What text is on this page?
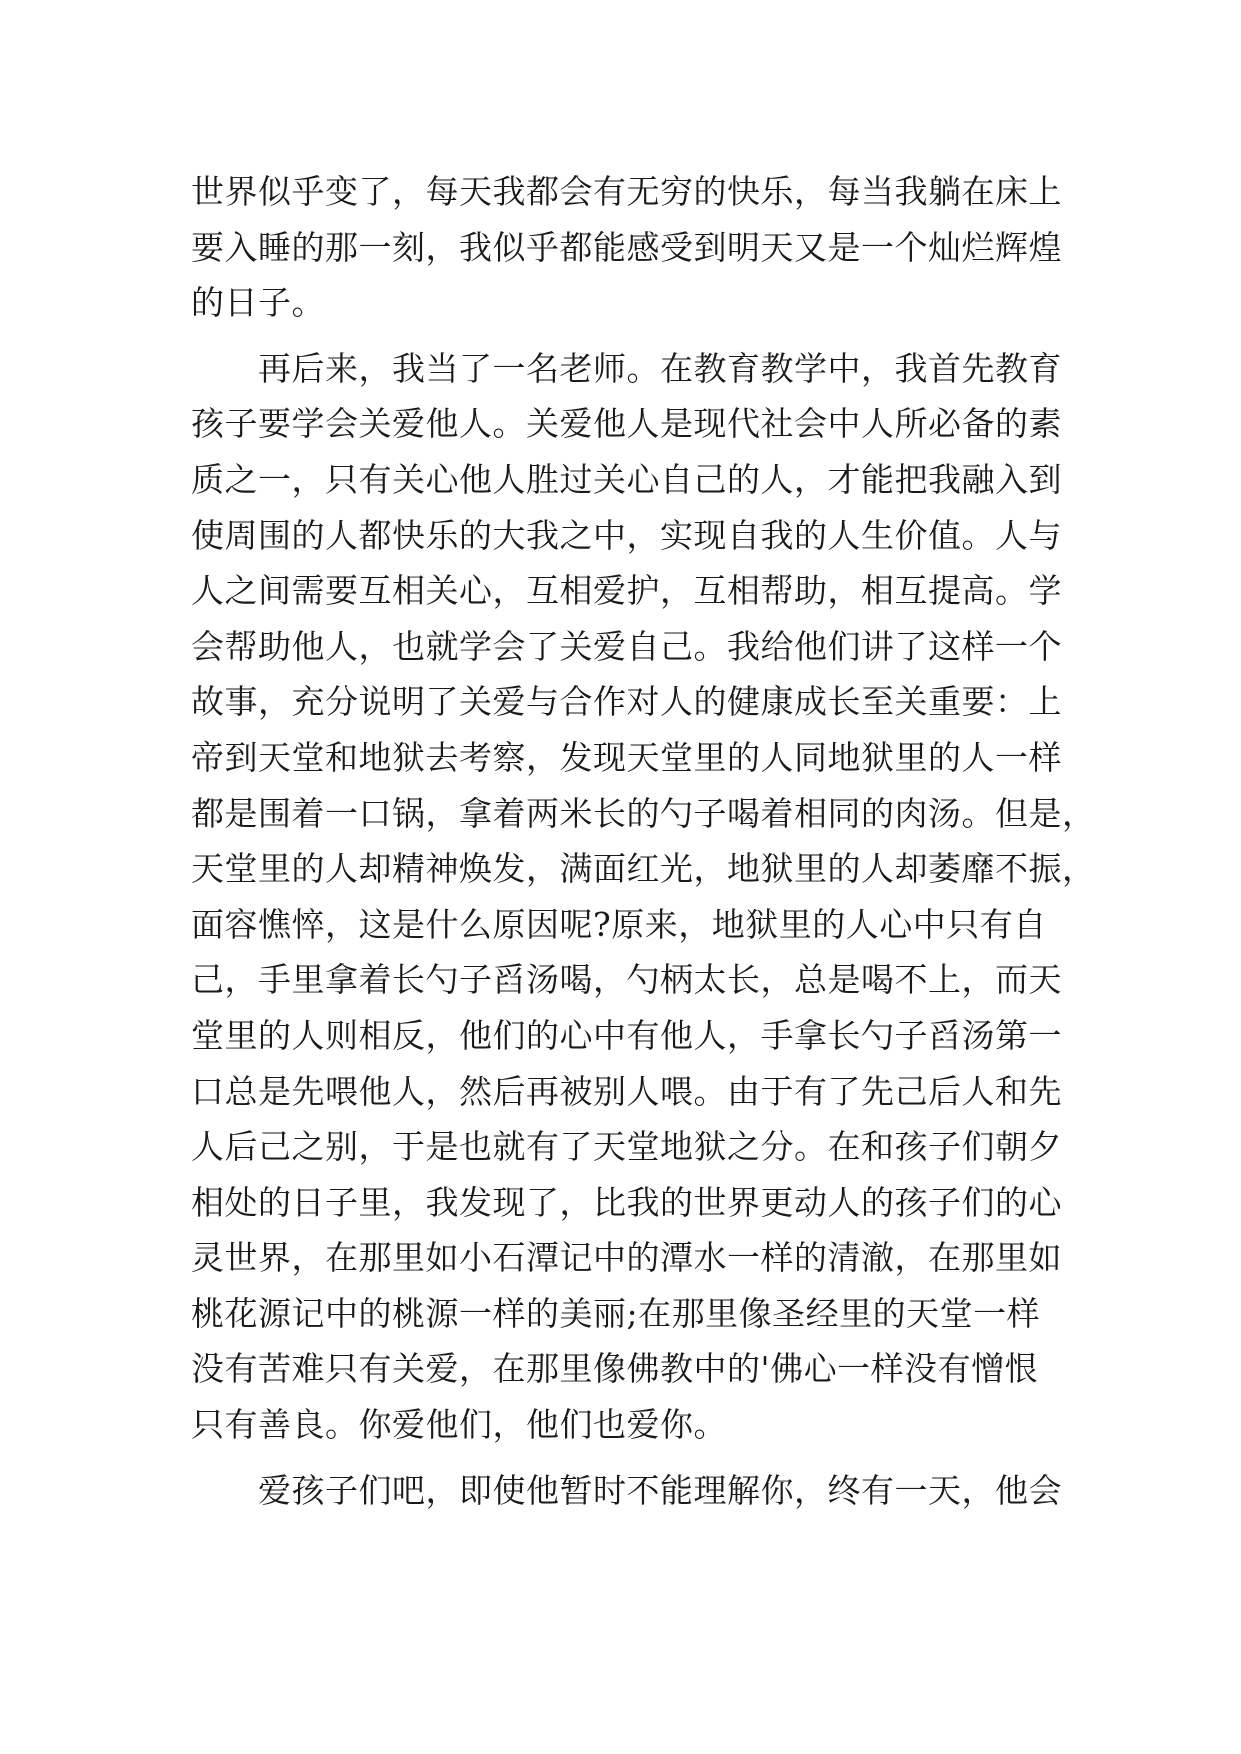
世界似乎变了，每天我都会有无穷的快乐，每当我躺在床上
要入睡的那一刻，我似乎都能感受到明天又是一个灿烂辉煌
的日子。
　　再后来，我当了一名老师。在教育教学中，我首先教育
孩子要学会关爱他人。关爱他人是现代社会中人所必备的素
质之一，只有关心他人胜过关心自己的人，才能把我融入到
使周围的人都快乐的大我之中，实现自我的人生价值。人与
人之间需要互相关心，互相爱护，互相帮助，相互提高。学
会帮助他人，也就学会了关爱自己。我给他们讲了这样一个
故事，充分说明了关爱与合作对人的健康成长至关重要：上
帝到天堂和地狱去考察，发现天堂里的人同地狱里的人一样
都是围着一口锅，拿着两米长的勺子喝着相同的肉汤。但是，
天堂里的人却精神焕发，满面红光，地狱里的人却萎靡不振，
面容憔悴，这是什么原因呢?原来，地狱里的人心中只有自
己，手里拿着长勺子舀汤喝，勺柄太长，总是喝不上，而天
堂里的人则相反，他们的心中有他人，手拿长勺子舀汤第一
口总是先喂他人，然后再被别人喂。由于有了先己后人和先
人后己之别，于是也就有了天堂地狱之分。在和孩子们朝夕
相处的日子里，我发现了，比我的世界更动人的孩子们的心
灵世界，在那里如小石潭记中的潭水一样的清澈，在那里如
桃花源记中的桃源一样的美丽;在那里像圣经里的天堂一样
没有苦难只有关爱，在那里像佛教中的'佛心一样没有憎恨
只有善良。你爱他们，他们也爱你。
　　爱孩子们吧，即使他暂时不能理解你，终有一天，他会
